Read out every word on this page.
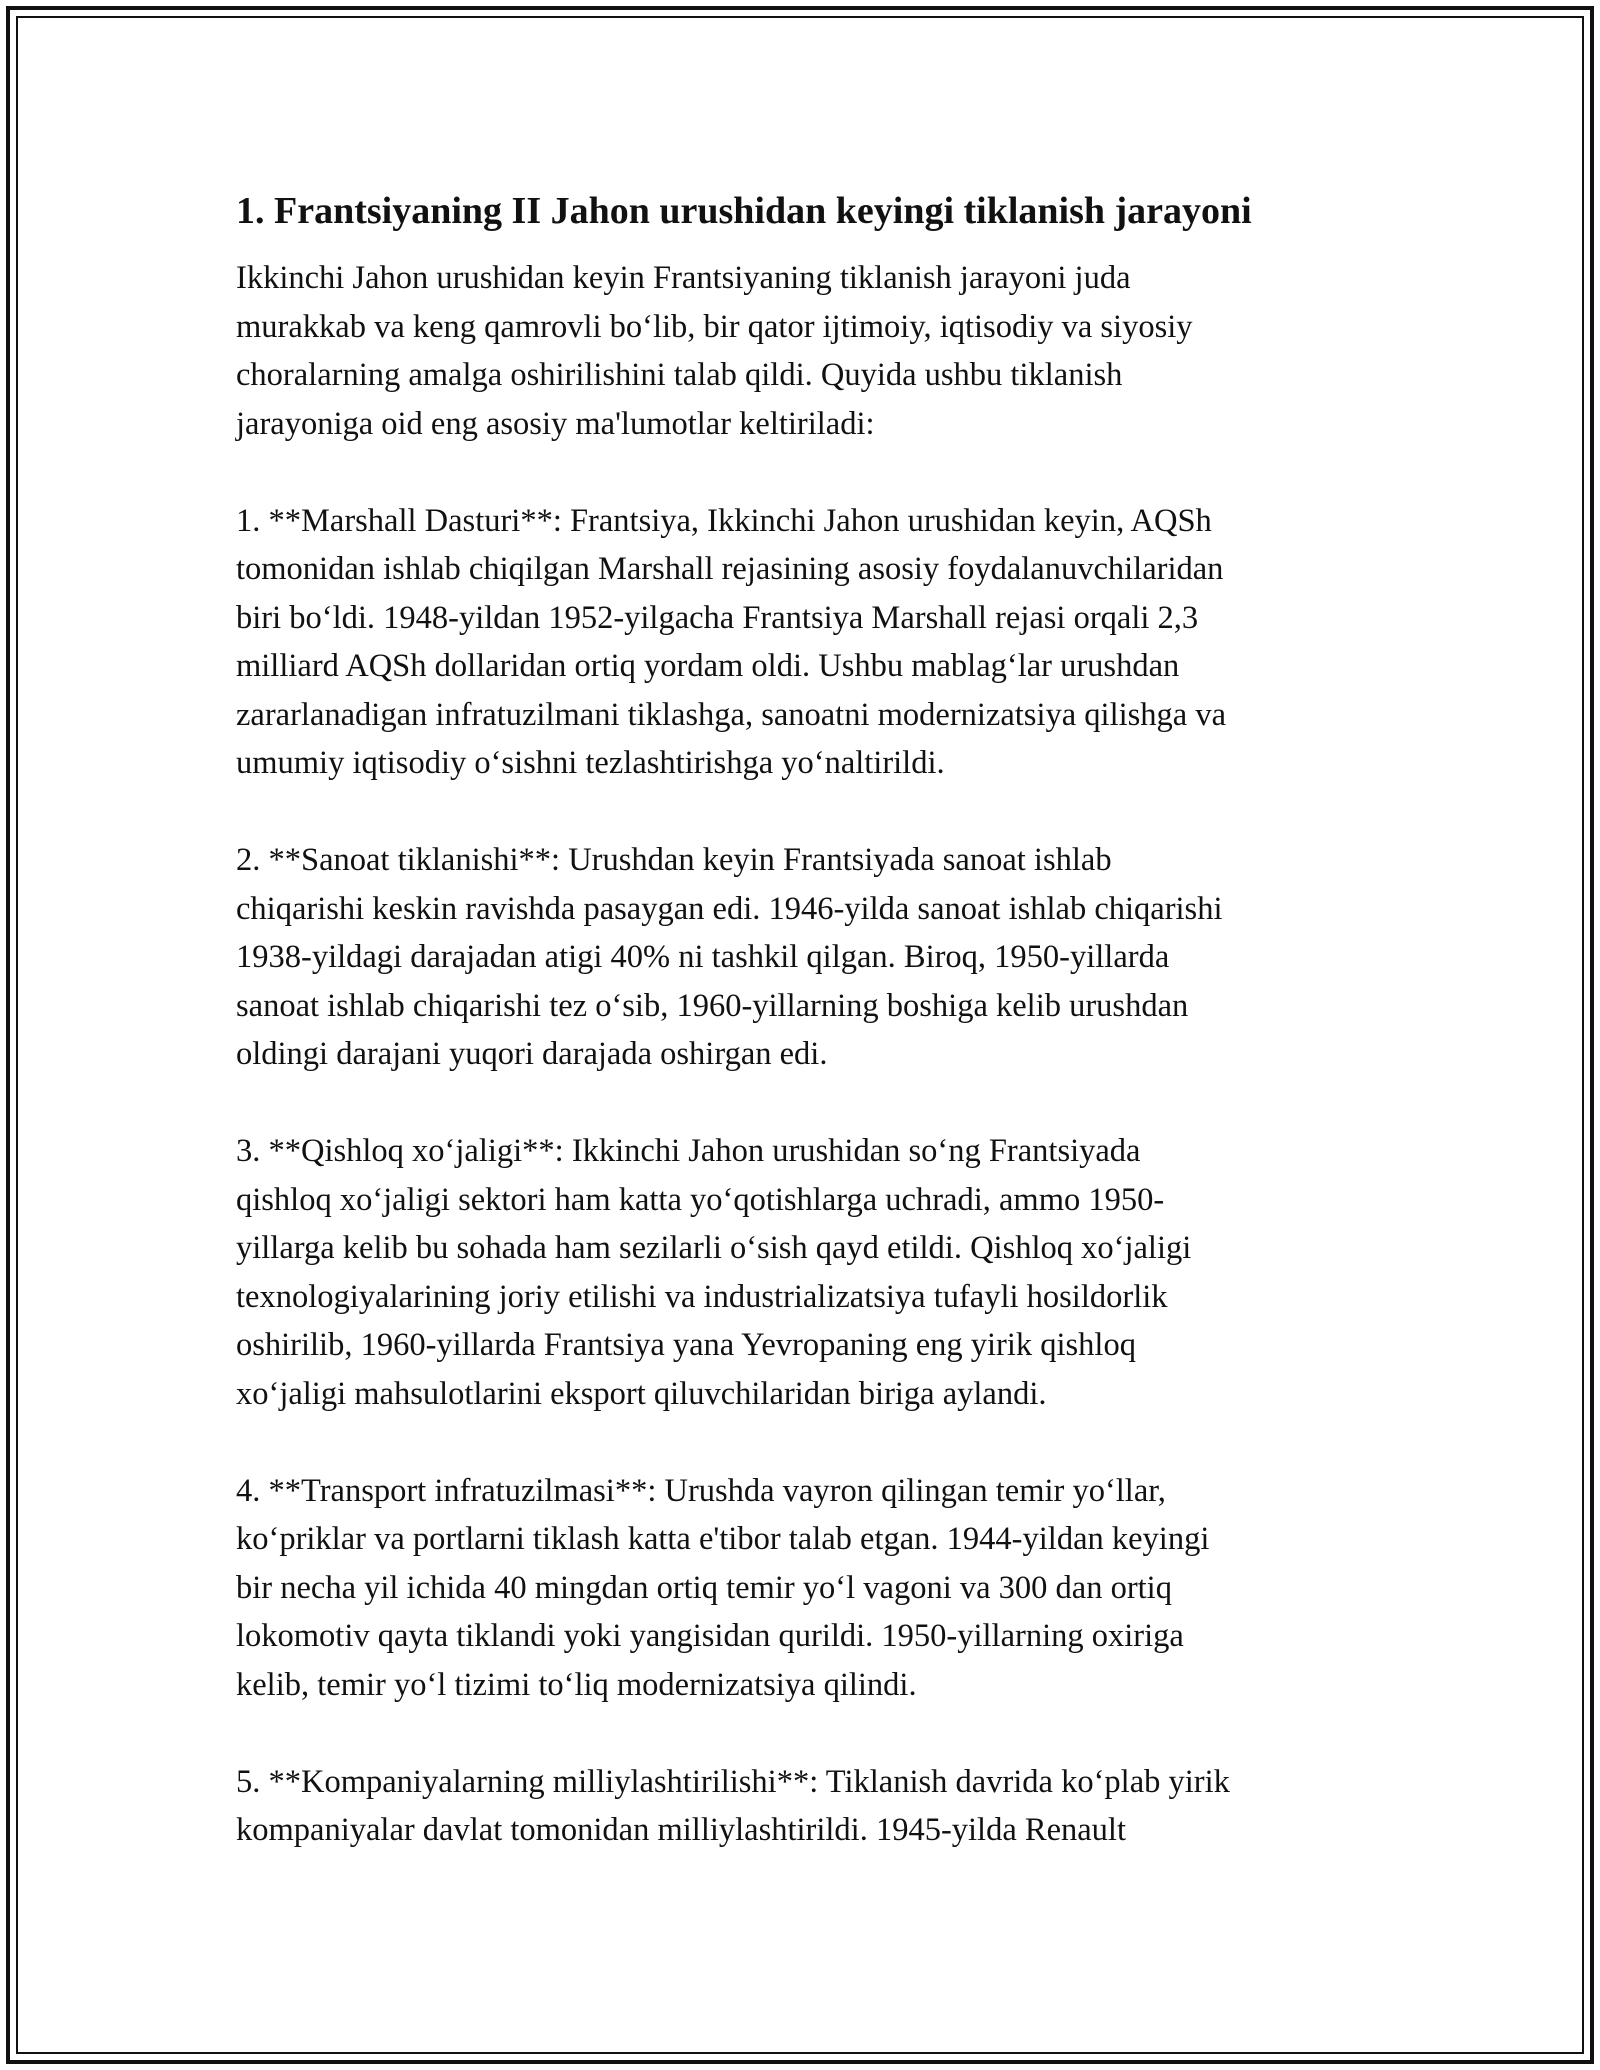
1. Frantsiyaning II Jahon urushidan keyingi tiklanish jarayoni
Ikkinchi Jahon urushidan keyin Frantsiyaning tiklanish jarayoni juda
murakkab va keng qamrovli bo‘lib, bir qator ijtimoiy, iqtisodiy va siyosiy
choralarning amalga oshirilishini talab qildi. Quyida ushbu tiklanish
jarayoniga oid eng asosiy ma'lumotlar keltiriladi:
1. **Marshall Dasturi**: Frantsiya, Ikkinchi Jahon urushidan keyin, AQSh
tomonidan ishlab chiqilgan Marshall rejasining asosiy foydalanuvchilaridan
biri bo‘ldi. 1948-yildan 1952-yilgacha Frantsiya Marshall rejasi orqali 2,3
milliard AQSh dollaridan ortiq yordam oldi. Ushbu mablag‘lar urushdan
zararlanadigan infratuzilmani tiklashga, sanoatni modernizatsiya qilishga va
umumiy iqtisodiy o‘sishni tezlashtirishga yo‘naltirildi.
2. **Sanoat tiklanishi**: Urushdan keyin Frantsiyada sanoat ishlab
chiqarishi keskin ravishda pasaygan edi. 1946-yilda sanoat ishlab chiqarishi
1938-yildagi darajadan atigi 40% ni tashkil qilgan. Biroq, 1950-yillarda
sanoat ishlab chiqarishi tez o‘sib, 1960-yillarning boshiga kelib urushdan
oldingi darajani yuqori darajada oshirgan edi.
3. **Qishloq xo‘jaligi**: Ikkinchi Jahon urushidan so‘ng Frantsiyada
qishloq xo‘jaligi sektori ham katta yo‘qotishlarga uchradi, ammo 1950-
yillarga kelib bu sohada ham sezilarli o‘sish qayd etildi. Qishloq xo‘jaligi
texnologiyalarining joriy etilishi va industrializatsiya tufayli hosildorlik
oshirilib, 1960-yillarda Frantsiya yana Yevropaning eng yirik qishloq
xo‘jaligi mahsulotlarini eksport qiluvchilaridan biriga aylandi.
4. **Transport infratuzilmasi**: Urushda vayron qilingan temir yo‘llar,
ko‘priklar va portlarni tiklash katta e'tibor talab etgan. 1944-yildan keyingi
bir necha yil ichida 40 mingdan ortiq temir yo‘l vagoni va 300 dan ortiq
lokomotiv qayta tiklandi yoki yangisidan qurildi. 1950-yillarning oxiriga
kelib, temir yo‘l tizimi to‘liq modernizatsiya qilindi.
5. **Kompaniyalarning milliylashtirilishi**: Tiklanish davrida ko‘plab yirik
kompaniyalar davlat tomonidan milliylashtirildi. 1945-yilda Renault
